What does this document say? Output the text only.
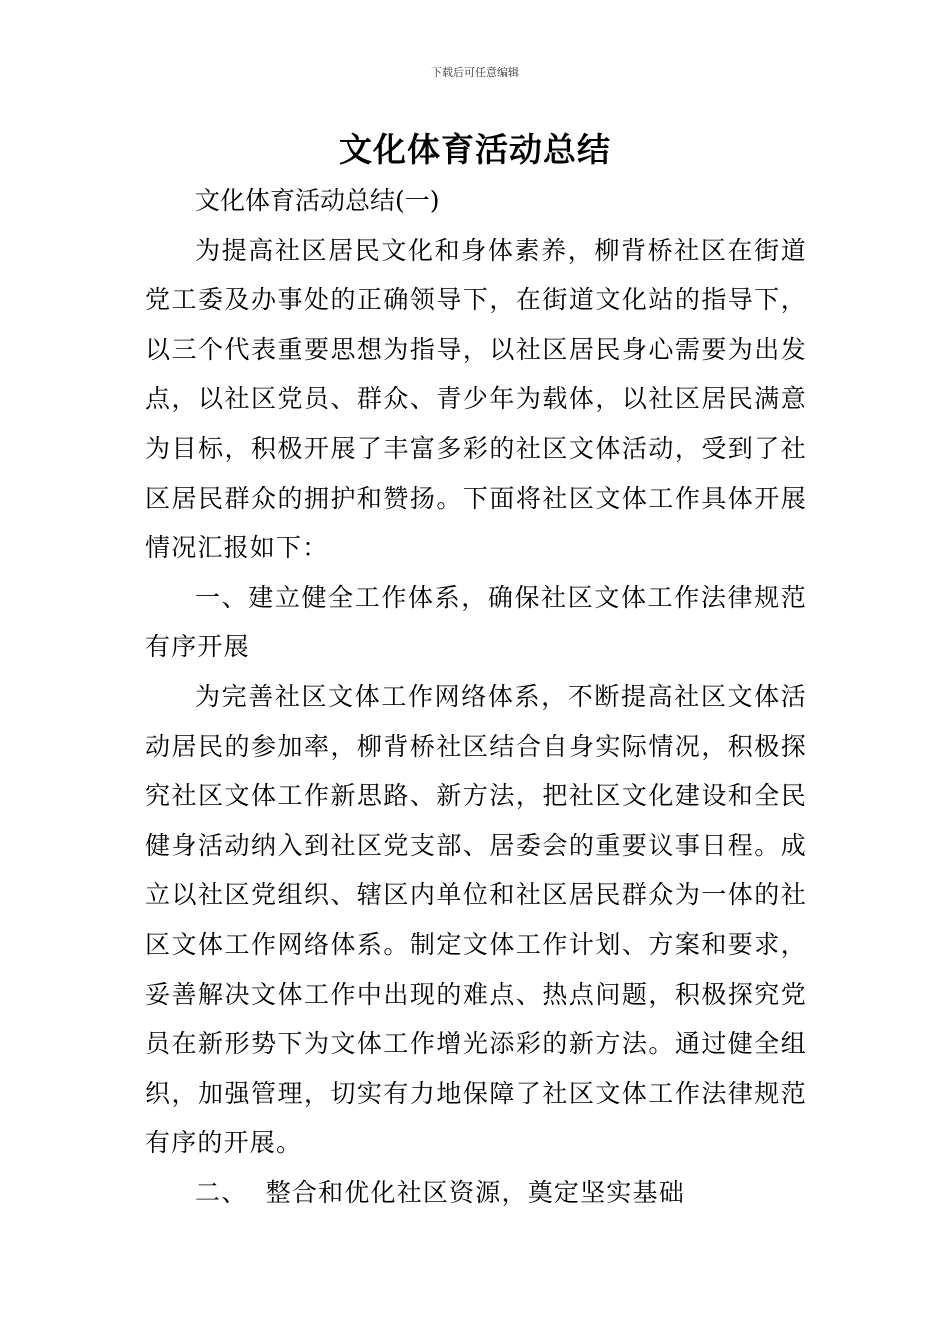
下载后可任意编辑
文化体育活动总结

文化体育活动总结(一)

为提高社区居民文化和身体素养，柳背桥社区在街道党工委及办事处的正确领导下，在街道文化站的指导下，以三个代表重要思想为指导，以社区居民身心需要为出发点，以社区党员、群众、青少年为载体，以社区居民满意为目标，积极开展了丰富多彩的社区文体活动，受到了社区居民群众的拥护和赞扬。下面将社区文体工作具体开展情况汇报如下：

一、建立健全工作体系，确保社区文体工作法律规范有序开展

为完善社区文体工作网络体系，不断提高社区文体活动居民的参加率，柳背桥社区结合自身实际情况，积极探究社区文体工作新思路、新方法，把社区文化建设和全民健身活动纳入到社区党支部、居委会的重要议事日程。成立以社区党组织、辖区内单位和社区居民群众为一体的社区文体工作网络体系。制定文体工作计划、方案和要求，妥善解决文体工作中出现的难点、热点问题，积极探究党员在新形势下为文体工作增光添彩的新方法。通过健全组织，加强管理，切实有力地保障了社区文体工作法律规范有序的开展。

二、  整合和优化社区资源，奠定坚实基础
